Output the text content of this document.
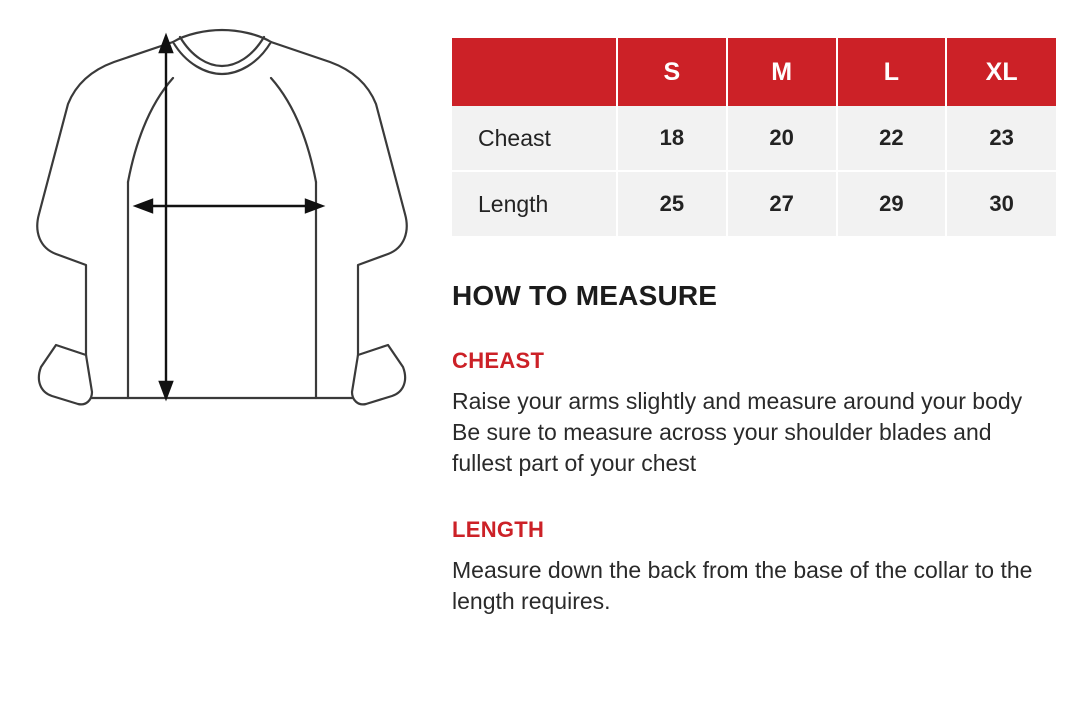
	S	M	L	XL
Cheast	18	20	22	23
Length	25	27	29	30
HOW TO MEASURE
CHEAST
Raise your arms slightly and measure around your body Be sure to measure across your shoulder blades and fullest part of your chest
LENGTH
Measure down the back from the base of the collar to the length requires.
